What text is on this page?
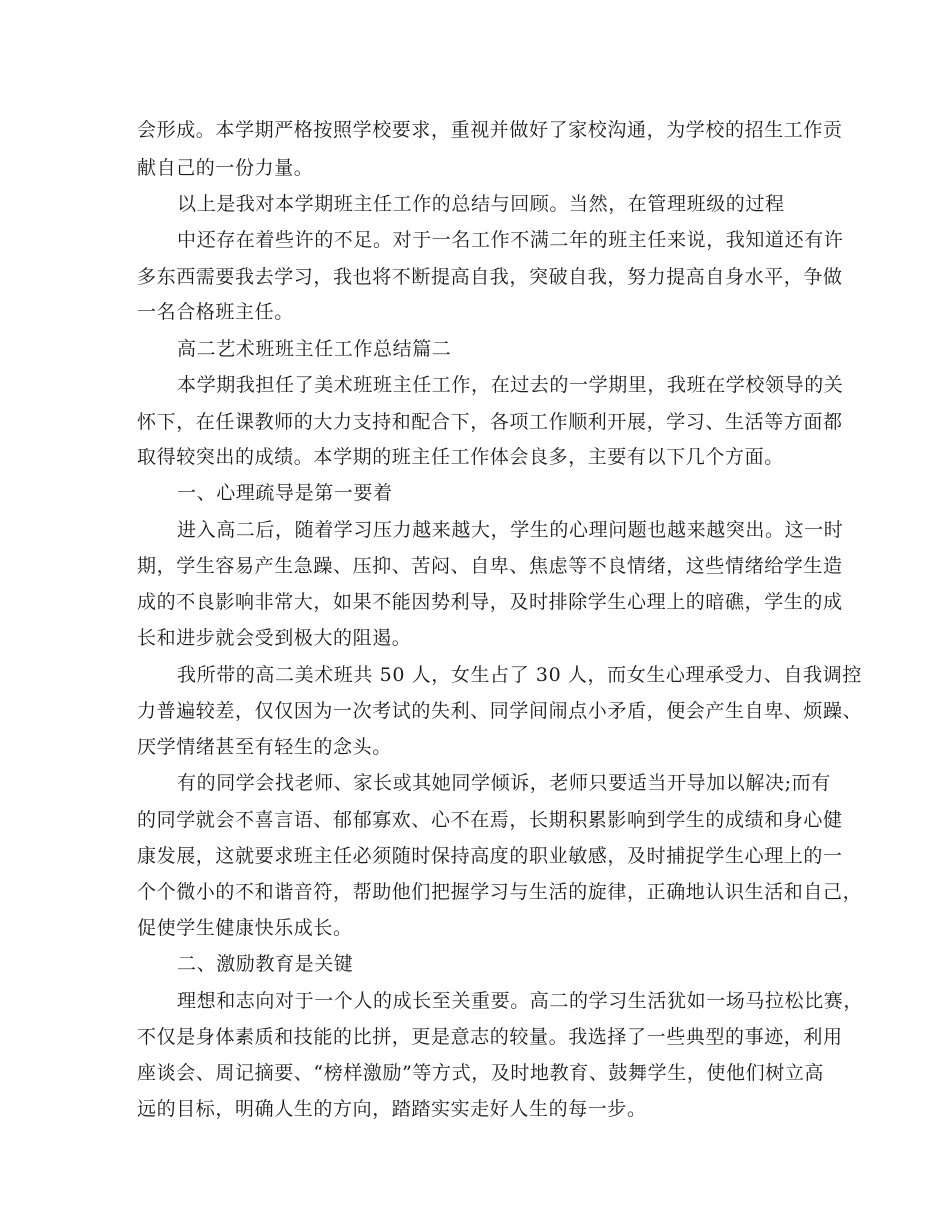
会形成。本学期严格按照学校要求，重视并做好了家校沟通，为学校的招生工作贡
献自己的一份力量。
以上是我对本学期班主任工作的总结与回顾。当然，在管理班级的过程
中还存在着些许的不足。对于一名工作不满二年的班主任来说，我知道还有许
多东西需要我去学习，我也将不断提高自我，突破自我，努力提高自身水平，争做
一名合格班主任。
高二艺术班班主任工作总结篇二
本学期我担任了美术班班主任工作，在过去的一学期里，我班在学校领导的关
怀下，在任课教师的大力支持和配合下，各项工作顺利开展，学习、生活等方面都
取得较突出的成绩。本学期的班主任工作体会良多，主要有以下几个方面。
一、心理疏导是第一要着
进入高二后，随着学习压力越来越大，学生的心理问题也越来越突出。这一时
期，学生容易产生急躁、压抑、苦闷、自卑、焦虑等不良情绪，这些情绪给学生造
成的不良影响非常大，如果不能因势利导，及时排除学生心理上的暗礁，学生的成
长和进步就会受到极大的阻遏。
我所带的高二美术班共 50 人，女生占了 30 人，而女生心理承受力、自我调控
力普遍较差，仅仅因为一次考试的失利、同学间闹点小矛盾，便会产生自卑、烦躁、
厌学情绪甚至有轻生的念头。
有的同学会找老师、家长或其她同学倾诉，老师只要适当开导加以解决;而有
的同学就会不喜言语、郁郁寡欢、心不在焉，长期积累影响到学生的成绩和身心健
康发展，这就要求班主任必须随时保持高度的职业敏感，及时捕捉学生心理上的一
个个微小的不和谐音符，帮助他们把握学习与生活的旋律，正确地认识生活和自己，
促使学生健康快乐成长。
二、激励教育是关键
理想和志向对于一个人的成长至关重要。高二的学习生活犹如一场马拉松比赛，
不仅是身体素质和技能的比拼，更是意志的较量。我选择了一些典型的事迹，利用
座谈会、周记摘要、“榜样激励”等方式，及时地教育、鼓舞学生，使他们树立高
远的目标，明确人生的方向，踏踏实实走好人生的每一步。
